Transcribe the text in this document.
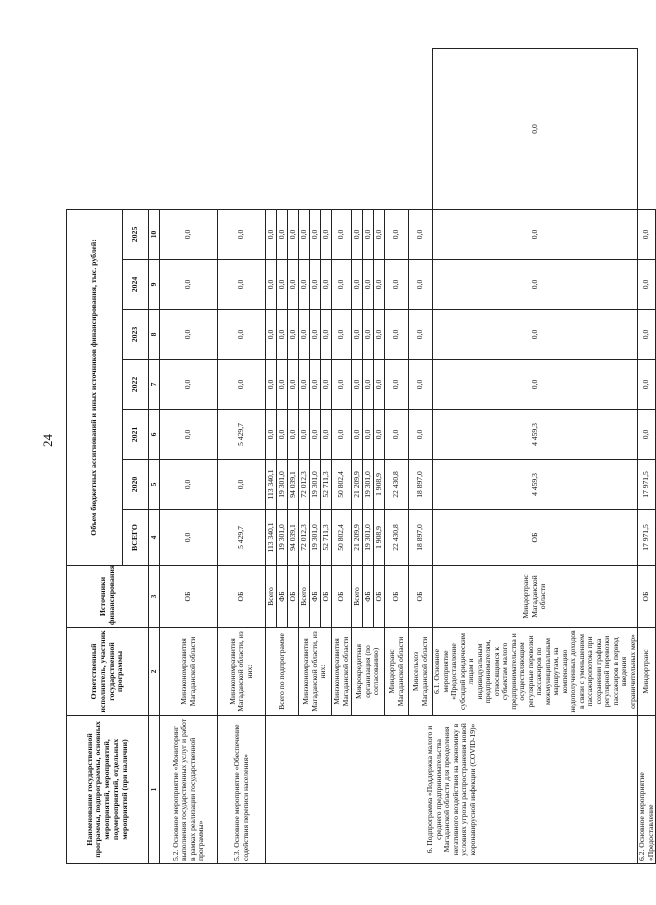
24
Наименование государственной программы, подпрограммы, основных мероприятий, мероприятий, подмероприятий, отдельных мероприятий (при наличии)	Ответственный исполнитель, участник государственной программы	Источники финансирования	Объем бюджетных ассигнований и иных источников финансирования, тыс. рублей:							
			ВСЕГО	2020	2021	2022	2023	2024	2025	
1	2	3	4	5	6	7	8	9	10	
5.2. Основное мероприятие «Мониторинг выполнения государственных услуг и работ в рамках реализации государственной программы»	Минэкономразвития Магаданской области	ОБ	0,0	0,0	0,0	0,0	0,0	0,0	0,0	
5.3. Основное мероприятие «Обеспечение содействия переписи населения»	Минэкономразвития Магаданской области, из них:	ОБ	5 429,7	0,0	5 429,7	0,0	0,0	0,0	0,0	
6. Подпрограмма «Поддержка малого и среднего предпринимательства Магаданской области для преодоления негативного воздействия на экономику в условиях угрозы распространения новой коронавирусной инфекции (COVID-19)»	Всего по подпрограмме	Всего	113 340,1	113 340,1	0,0	0,0	0,0	0,0	0,0	
		ФБ	19 301,0	19 301,0	0,0	0,0	0,0	0,0	0,0	
		ОБ	94 039,1	94 039,1	0,0	0,0	0,0	0,0	0,0	
	Минэкономразвития Магаданской области, из них:	Всего	72 012,3	72 012,3	0,0	0,0	0,0	0,0	0,0	
		ФБ	19 301,0	19 301,0	0,0	0,0	0,0	0,0	0,0	
		ОБ	52 711,3	52 711,3	0,0	0,0	0,0	0,0	0,0	
	Минэкономразвития Магаданской области	ОБ	50 802,4	50 802,4	0,0	0,0	0,0	0,0	0,0	
	Микрокредитная организация (по согласованию)	Всего	21 209,9	21 209,9	0,0	0,0	0,0	0,0	0,0	
		ФБ	19 301,0	19 301,0	0,0	0,0	0,0	0,0	0,0	
		ОБ	1 908,9	1 908,9	0,0	0,0	0,0	0,0	0,0	
	Миндортранс Магаданской области	ОБ	22 430,8	22 430,8	0,0	0,0	0,0	0,0	0,0	
	Минсельхоз Магаданской области	ОБ	18 897,0	18 897,0	0,0	0,0	0,0	0,0	0,0	
	6.1. Основное мероприятие «Предоставление субсидий юридическим лицам и индивидуальным предпринимателям, относящимся к субъектам малого предпринимательства и осуществляющим регулярные перевозки пассажиров по межмуниципальным маршрутам, на компенсацию недополученных доходов в связи с уменьшением пассажиропотока при сохранении графика регулярной перевозки пассажиров в период введения ограничительных мер»	Миндортранс Магаданской области	ОБ	4 459,3	4 459,3	0,0	0,0	0,0	0,0	0,0
6.2. Основное мероприятие «Предоставление	Миндортранс	ОБ	17 971,5	17 971,5	0,0	0,0	0,0	0,0	0,0	
